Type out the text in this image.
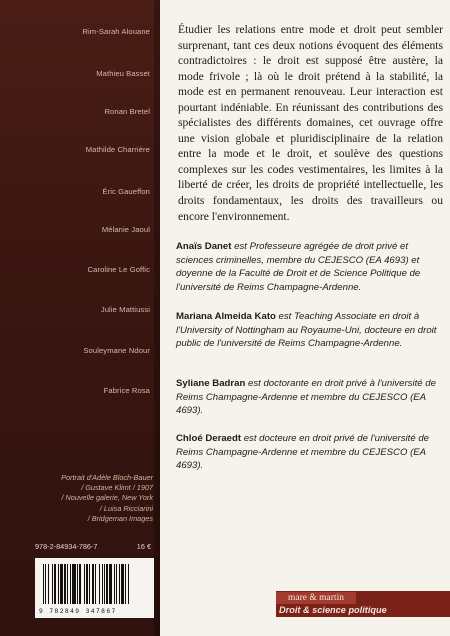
Rim-Sarah Alouane
Mathieu Basset
Ronan Bretel
Mathilde Charrière
Éric Gaueffon
Mélanie Jaoul
Caroline Le Goffic
Julie Mattiussi
Souleymane Ndour
Fabrice Rosa
Portrait d'Adèle Bloch-Bauer
/ Gustave Klimt / 1907
/ Nouvelle galerie, New York
/ Luisa Ricciarini
/ Bridgeman Images
978-2-84934-786-7	16 €
9 782849 347867

Étudier les relations entre mode et droit peut sembler surprenant, tant ces deux notions évoquent des éléments contradictoires : le droit est supposé être austère, la mode frivole ; là où le droit prétend à la stabilité, la mode est en permanent renouveau. Leur interaction est pourtant indéniable. En réunissant des contributions des spécialistes des différents domaines, cet ouvrage offre une vision globale et pluridisciplinaire de la relation entre la mode et le droit, et soulève des questions complexes sur les codes vestimentaires, les limites à la liberté de créer, les droits de propriété intellectuelle, les droits fondamentaux, les droits des travailleurs ou encore l'environnement.

Anaïs Danet est Professeure agrégée de droit privé et sciences criminelles, membre du CEJESCO (EA 4693) et doyenne de la Faculté de Droit et de Science Politique de l'université de Reims Champagne-Ardenne.
Mariana Almeida Kato est Teaching Associate en droit à l'University of Nottingham au Royaume-Uni, docteure en droit public de l'université de Reims Champagne-Ardenne.
Syliane Badran est doctorante en droit privé à l'université de Reims Champagne-Ardenne et membre du CEJESCO (EA 4693).
Chloé Deraedt est docteure en droit privé de l'université de Reims Champagne-Ardenne et membre du CEJESCO (EA 4693).
mare & martin
Droit & science politique
